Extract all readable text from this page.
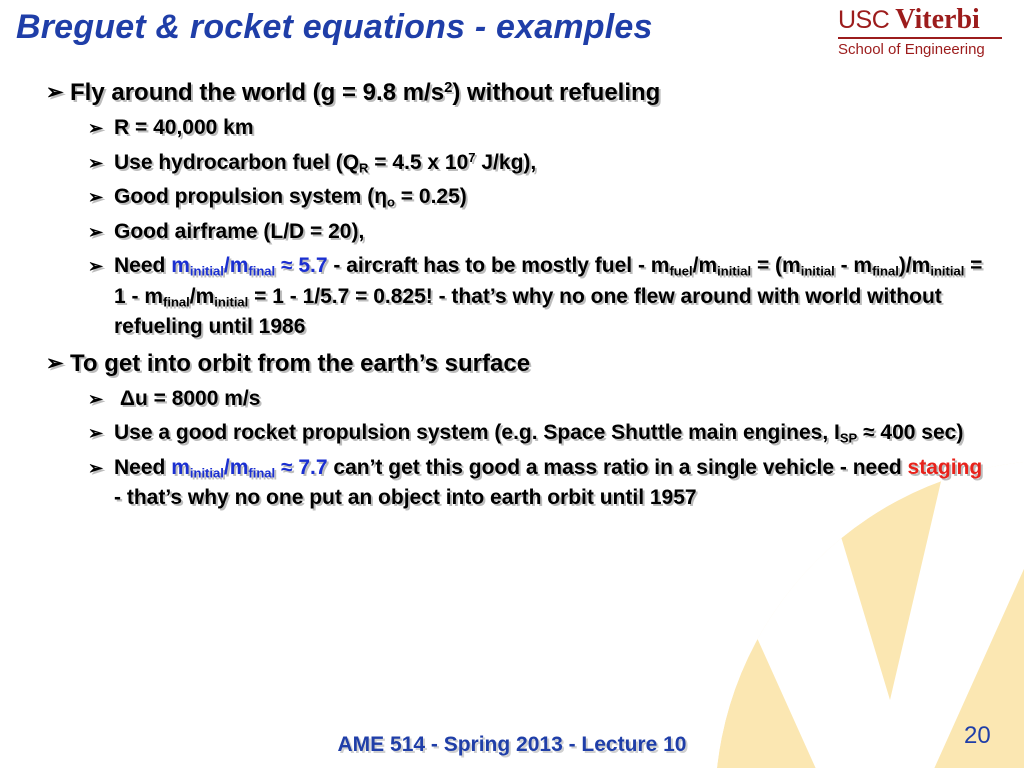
Breguet & rocket equations - examples	USC Viterbi
School of Engineering
➢ Fly around the world (g = 9.8 $m/s^2$) without refueling
➢ R = 40,000 km
➢ Use hydrocarbon fuel ($Q_R = 4.5$ x $10^7$ J/kg),
➢ Good propulsion system $(\eta_o = 0.25)$
➢ Good airframe (L/D = 20),
➢ Need $m_{initial}/m_{final} \approx 5.7$ - aircraft has to be mostly fuel - $m_{fuel}/m_{initial} = (m_{initial} - m_{final})/m_{initial} = 1 - m_{final}/m_{initial} = 1 - 1/5.7 = 0.825$! - that’s why no one flew around with world without refueling until 1986
➢ To get into orbit from the earth’s surface
➢ Δu = 8000 m/s
➢ Use a good rocket propulsion system (e.g. Space Shuttle main engines, $I_{SP} \approx 400$ sec)
➢ Need $m_{initial}/m_{final} \approx 7.7$ can’t get this good a mass ratio in a single vehicle - need staging - that’s why no one put an object into earth orbit until 1957
AME 514 - Spring 2013 - Lecture 10	20
